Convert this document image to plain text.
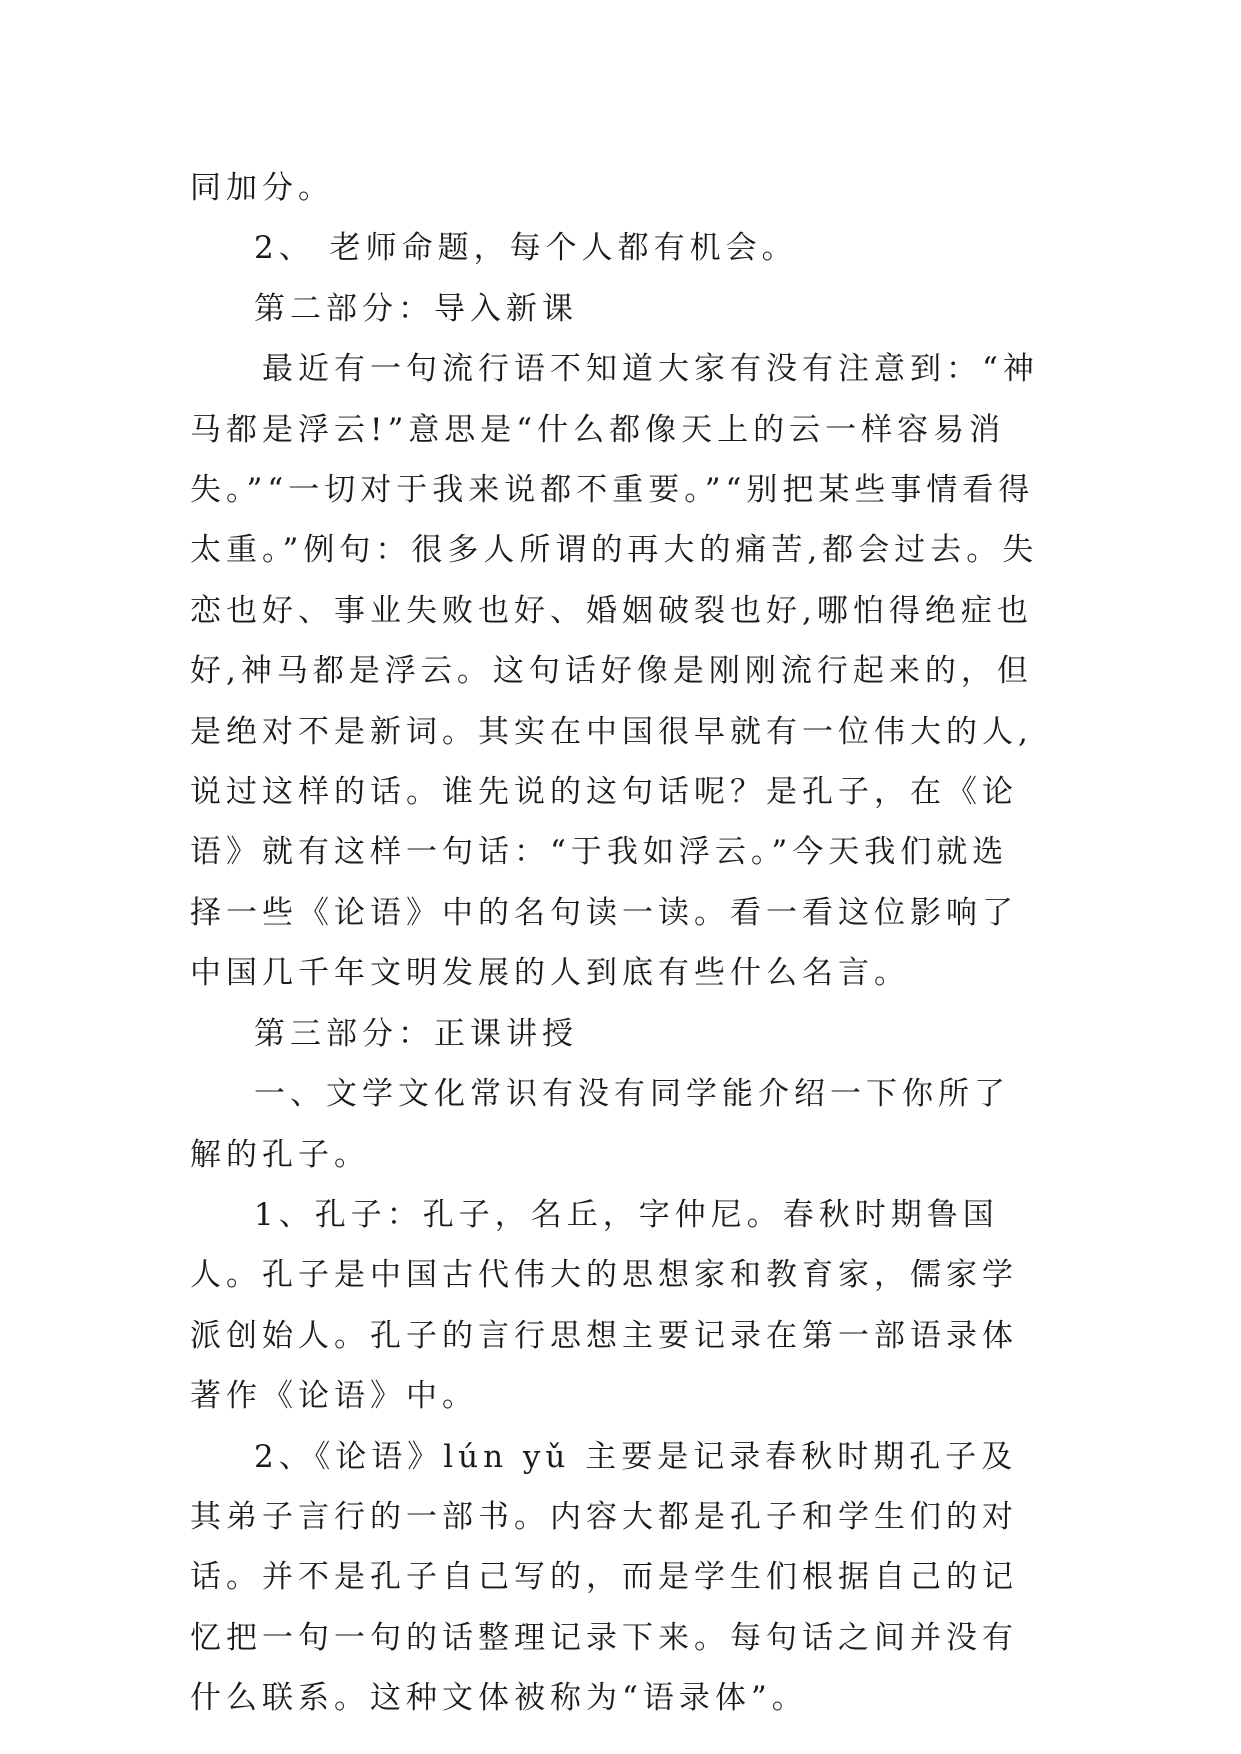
同加分。

2、 老师命题，每个人都有机会。

第二部分：导入新课

最近有一句流行语不知道大家有没有注意到：“神马都是浮云!”意思是“什么都像天上的云一样容易消失。”“一切对于我来说都不重要。”“别把某些事情看得太重。”例句：很多人所谓的再大的痛苦,都会过去。失恋也好、事业失败也好、婚姻破裂也好,哪怕得绝症也好,神马都是浮云。这句话好像是刚刚流行起来的，但是绝对不是新词。其实在中国很早就有一位伟大的人,说过这样的话。谁先说的这句话呢？是孔子，在《论语》就有这样一句话：“于我如浮云。”今天我们就选择一些《论语》中的名句读一读。看一看这位影响了中国几千年文明发展的人到底有些什么名言。

第三部分：正课讲授

一、文学文化常识有没有同学能介绍一下你所了解的孔子。

1、孔子：孔子，名丘，字仲尼。春秋时期鲁国人。孔子是中国古代伟大的思想家和教育家，儒家学派创始人。孔子的言行思想主要记录在第一部语录体著作《论语》中。

2、《论语》lún yǔ 主要是记录春秋时期孔子及其弟子言行的一部书。内容大都是孔子和学生们的对话。并不是孔子自己写的，而是学生们根据自己的记忆把一句一句的话整理记录下来。每句话之间并没有什么联系。这种文体被称为“语录体”。
